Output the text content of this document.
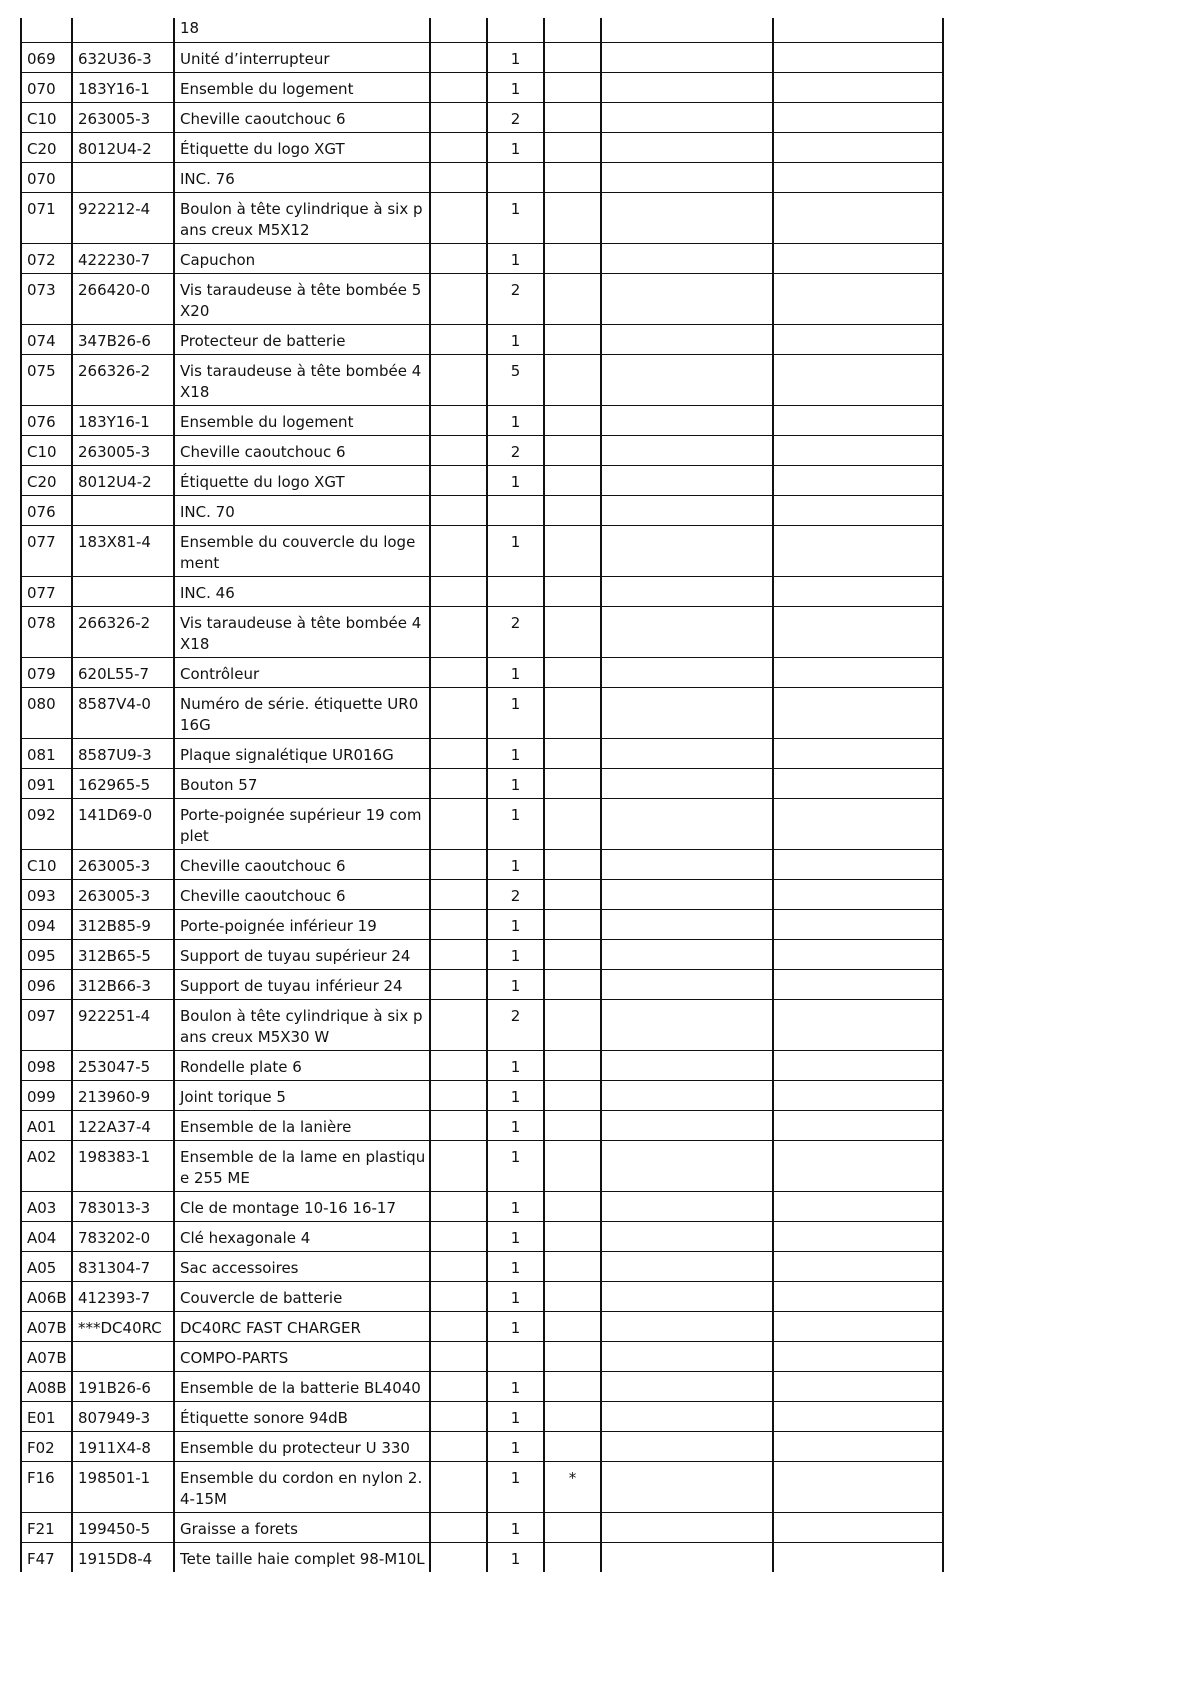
		18					
069	632U36-3	Unité d’interrupteur		1			
070	183Y16-1	Ensemble du logement		1			
C10	263005-3	Cheville caoutchouc 6		2			
C20	8012U4-2	Étiquette du logo XGT		1			
070		INC. 76					
071	922212-4	Boulon à tête cylindrique à six pans creux M5X12		1			
072	422230-7	Capuchon		1			
073	266420-0	Vis taraudeuse à tête bombée 5X20		2			
074	347B26-6	Protecteur de batterie		1			
075	266326-2	Vis taraudeuse à tête bombée 4X18		5			
076	183Y16-1	Ensemble du logement		1			
C10	263005-3	Cheville caoutchouc 6		2			
C20	8012U4-2	Étiquette du logo XGT		1			
076		INC. 70					
077	183X81-4	Ensemble du couvercle du logement		1			
077		INC. 46					
078	266326-2	Vis taraudeuse à tête bombée 4X18		2			
079	620L55-7	Contrôleur		1			
080	8587V4-0	Numéro de série. étiquette UR016G		1			
081	8587U9-3	Plaque signalétique UR016G		1			
091	162965-5	Bouton 57		1			
092	141D69-0	Porte-poignée supérieur 19 complet		1			
C10	263005-3	Cheville caoutchouc 6		1			
093	263005-3	Cheville caoutchouc 6		2			
094	312B85-9	Porte-poignée inférieur 19		1			
095	312B65-5	Support de tuyau supérieur 24		1			
096	312B66-3	Support de tuyau inférieur 24		1			
097	922251-4	Boulon à tête cylindrique à six pans creux M5X30 W		2			
098	253047-5	Rondelle plate 6		1			
099	213960-9	Joint torique 5		1			
A01	122A37-4	Ensemble de la lanière		1			
A02	198383-1	Ensemble de la lame en plastique 255 ME		1			
A03	783013-3	Cle de montage 10-16 16-17		1			
A04	783202-0	Clé hexagonale 4		1			
A05	831304-7	Sac accessoires		1			
A06B	412393-7	Couvercle de batterie		1			
A07B	***DC40RC	DC40RC FAST CHARGER		1			
A07B		COMPO-PARTS					
A08B	191B26-6	Ensemble de la batterie BL4040		1			
E01	807949-3	Étiquette sonore 94dB		1			
F02	1911X4-8	Ensemble du protecteur U 330		1			
F16	198501-1	Ensemble du cordon en nylon 2.4-15M		1	*		
F21	199450-5	Graisse a forets		1			
F47	1915D8-4	Tete taille haie complet 98-M10L		1			
